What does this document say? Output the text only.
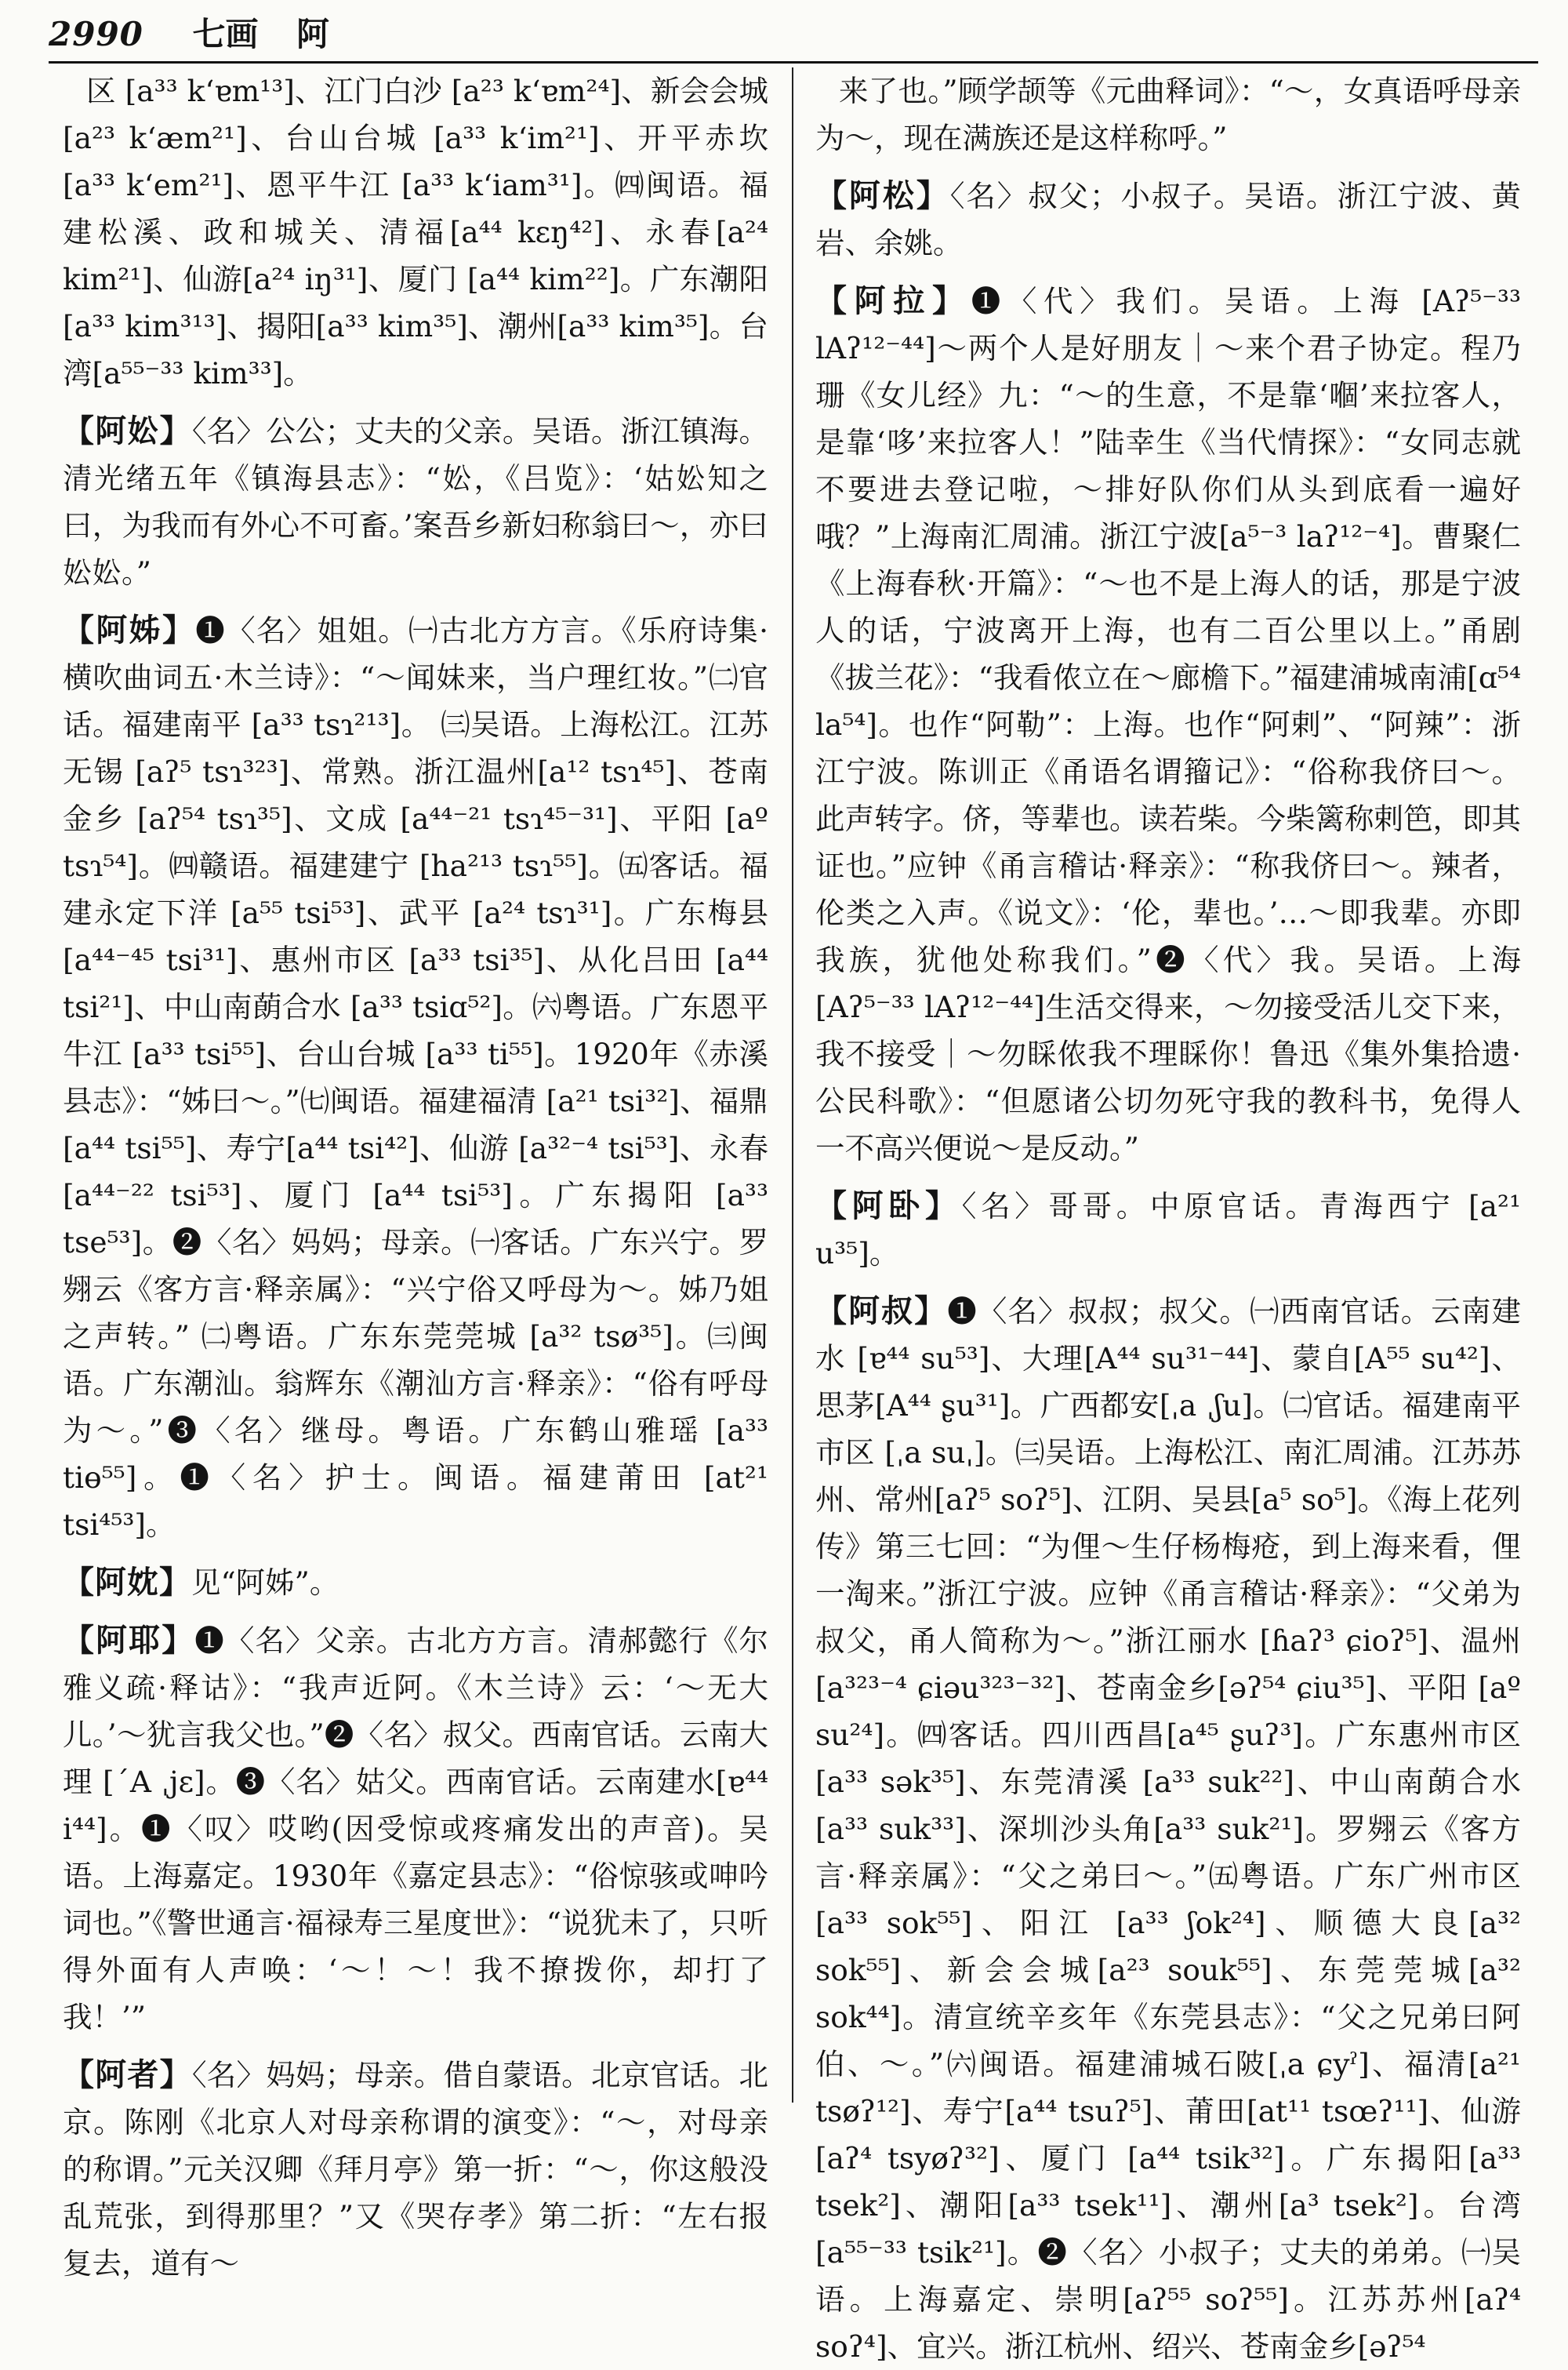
2990 七画 阿

区 [a³³ k‘ɐm¹³]、江门白沙 [a²³ k‘ɐm²⁴]、新会会城 [a²³ k‘æm²¹]、台山台城 [a³³ k‘im²¹]、开平赤坎 [a³³ k‘em²¹]、恩平牛江 [a³³ k‘iam³¹]。㈣闽语。福建松溪、政和城关、清福[a⁴⁴ kɛŋ⁴²]、永春[a²⁴ kim²¹]、仙游[a²⁴ iŋ³¹]、厦门 [a⁴⁴ kim²²]。广东潮阳[a³³ kim³¹³]、揭阳[a³³ kim³⁵]、潮州[a³³ kim³⁵]。台湾[a⁵⁵⁻³³ kim³³]。

【阿妐】〈名〉公公；丈夫的父亲。吴语。浙江镇海。清光绪五年《镇海县志》：“妐，《吕览》：‘姑妐知之曰，为我而有外心不可畜。’案吾乡新妇称翁曰～，亦曰妐妐。”

【阿姊】❶〈名〉姐姐。㈠古北方方言。《乐府诗集·横吹曲词五·木兰诗》：“～闻妹来，当户理红妆。”㈡官话。福建南平 [a³³ tsɿ²¹³]。 ㈢吴语。上海松江。江苏无锡 [aʔ⁵ tsɿ³²³]、常熟。浙江温州[a¹² tsɿ⁴⁵]、苍南金乡 [aʔ⁵⁴ tsɿ³⁵]、文成 [a⁴⁴⁻²¹ tsɿ⁴⁵⁻³¹]、平阳 [aº tsɿ⁵⁴]。㈣赣语。福建建宁 [ha²¹³ tsɿ⁵⁵]。㈤客话。福建永定下洋 [a⁵⁵ tsi⁵³]、武平 [a²⁴ tsɿ³¹]。广东梅县 [a⁴⁴⁻⁴⁵ tsi³¹]、惠州市区 [a³³ tsi³⁵]、从化吕田 [a⁴⁴ tsi²¹]、中山南蓢合水 [a³³ tsiɑ⁵²]。㈥粤语。广东恩平牛江 [a³³ tsi⁵⁵]、台山台城 [a³³ ti⁵⁵]。1920年《赤溪县志》：“姊曰～。”㈦闽语。福建福清 [a²¹ tsi³²]、福鼎[a⁴⁴ tsi⁵⁵]、寿宁[a⁴⁴ tsi⁴²]、仙游 [a³²⁻⁴ tsi⁵³]、永春 [a⁴⁴⁻²² tsi⁵³]、厦门 [a⁴⁴ tsi⁵³]。广东揭阳 [a³³ tse⁵³]。❷〈名〉妈妈；母亲。㈠客话。广东兴宁。罗翙云《客方言·释亲属》：“兴宁俗又呼母为～。姊乃姐之声转。” ㈡粤语。广东东莞莞城 [a³² tsø³⁵]。㈢闽语。广东潮汕。翁辉东《潮汕方言·释亲》：“俗有呼母为～。”❸〈名〉继母。粤语。广东鹤山雅瑶 [a³³ tiɵ⁵⁵]。❶〈名〉护士。闽语。福建莆田 [at²¹ tsi⁴⁵³]。

【阿妉】见“阿姊”。

【阿耶】❶〈名〉父亲。古北方方言。清郝懿行《尔雅义疏·释诂》：“我声近阿。《木兰诗》云：‘～无大儿。’～犹言我父也。”❷〈名〉叔父。西南官话。云南大理 [ˊA ˌjɛ]。❸〈名〉姑父。西南官话。云南建水[ɐ⁴⁴ i⁴⁴]。❶〈叹〉哎哟(因受惊或疼痛发出的声音)。吴语。上海嘉定。1930年《嘉定县志》：“俗惊骇或呻吟词也。”《警世通言·福禄寿三星度世》：“说犹未了，只听得外面有人声唤：‘～！～！我不撩拨你，却打了我！’”

【阿者】〈名〉妈妈；母亲。借自蒙语。北京官话。北京。陈刚《北京人对母亲称谓的演变》：“～，对母亲的称谓。”元关汉卿《拜月亭》第一折：“～，你这般没乱荒张，到得那里？”又《哭存孝》第二折：“左右报复去，道有～

来了也。”顾学颉等《元曲释词》：“～，女真语呼母亲为～，现在满族还是这样称呼。”

【阿松】〈名〉叔父；小叔子。吴语。浙江宁波、黄岩、余姚。

【阿拉】❶〈代〉我们。吴语。上海 [Aʔ⁵⁻³³ lAʔ¹²⁻⁴⁴]～两个人是好朋友｜～来个君子协定。程乃珊《女儿经》九：“～的生意，不是靠‘嗰’来拉客人，是靠‘哆’来拉客人！”陆幸生《当代情探》：“女同志就不要进去登记啦，～排好队你们从头到底看一遍好哦？”上海南汇周浦。浙江宁波[a⁵⁻³ laʔ¹²⁻⁴]。曹聚仁《上海春秋·开篇》：“～也不是上海人的话，那是宁波人的话，宁波离开上海，也有二百公里以上。”甬剧《拔兰花》：“我看侬立在～廊檐下。”福建浦城南浦[ɑ⁵⁴ la⁵⁴]。也作“阿勒”：上海。也作“阿剌”、“阿辣”：浙江宁波。陈训正《甬语名谓籀记》：“俗称我侪曰～。此声转字。侪，等辈也。读若柴。今柴篱称剌笆，即其证也。”应钟《甬言稽诂·释亲》：“称我侪曰～。辣者，伦类之入声。《说文》：‘伦，辈也。’…～即我辈。亦即我族，犹他处称我们。”❷〈代〉我。吴语。上海[Aʔ⁵⁻³³ lAʔ¹²⁻⁴⁴]生活交得来，～勿接受活儿交下来，我不接受｜～勿睬侬我不理睬你！鲁迅《集外集拾遗·公民科歌》：“但愿诸公切勿死守我的教科书，免得人一不高兴便说～是反动。”

【阿卧】〈名〉哥哥。中原官话。青海西宁 [a²¹ u³⁵]。

【阿叔】❶〈名〉叔叔；叔父。㈠西南官话。云南建水 [ɐ⁴⁴ su⁵³]、大理[A⁴⁴ su³¹⁻⁴⁴]、蒙自[A⁵⁵ su⁴²]、思茅[A⁴⁴ ʂu³¹]。广西都安[ˌa ˌʃu]。㈡官话。福建南平市区 [ˌa suˌ]。㈢吴语。上海松江、南汇周浦。江苏苏州、常州[aʔ⁵ soʔ⁵]、江阴、吴县[a⁵ so⁵]。《海上花列传》第三七回：“为俚～生仔杨梅疮，到上海来看，俚一淘来。”浙江宁波。应钟《甬言稽诂·释亲》：“父弟为叔父，甬人简称为～。”浙江丽水 [ɦaʔ³ ɕioʔ⁵]、温州[a³²³⁻⁴ ɕiəu³²³⁻³²]、苍南金乡[əʔ⁵⁴ ɕiu³⁵]、平阳 [aº su²⁴]。㈣客话。四川西昌[a⁴⁵ ʂuʔ³]。广东惠州市区[a³³ sək³⁵]、东莞清溪 [a³³ suk²²]、中山南蓢合水[a³³ suk³³]、深圳沙头角[a³³ suk²¹]。罗翙云《客方言·释亲属》：“父之弟曰～。”㈤粤语。广东广州市区[a³³ sok⁵⁵]、阳江 [a³³ ʃok²⁴]、顺德大良[a³² sok⁵⁵]、新会会城[a²³ souk⁵⁵]、东莞莞城[a³² sok⁴⁴]。清宣统辛亥年《东莞县志》：“父之兄弟曰阿伯、～。”㈥闽语。福建浦城石陂[ˌa ɕyˀ]、福清[a²¹ tsøʔ¹²]、寿宁[a⁴⁴ tsuʔ⁵]、莆田[at¹¹ tsœʔ¹¹]、仙游 [aʔ⁴ tsyøʔ³²]、厦门 [a⁴⁴ tsik³²]。广东揭阳[a³³ tsek²]、潮阳[a³³ tsek¹¹]、潮州[a³ tsek²]。台湾[a⁵⁵⁻³³ tsik²¹]。❷〈名〉小叔子；丈夫的弟弟。㈠吴语。上海嘉定、崇明[aʔ⁵⁵ soʔ⁵⁵]。江苏苏州[aʔ⁴ soʔ⁴]、宜兴。浙江杭州、绍兴、苍南金乡[əʔ⁵⁴
